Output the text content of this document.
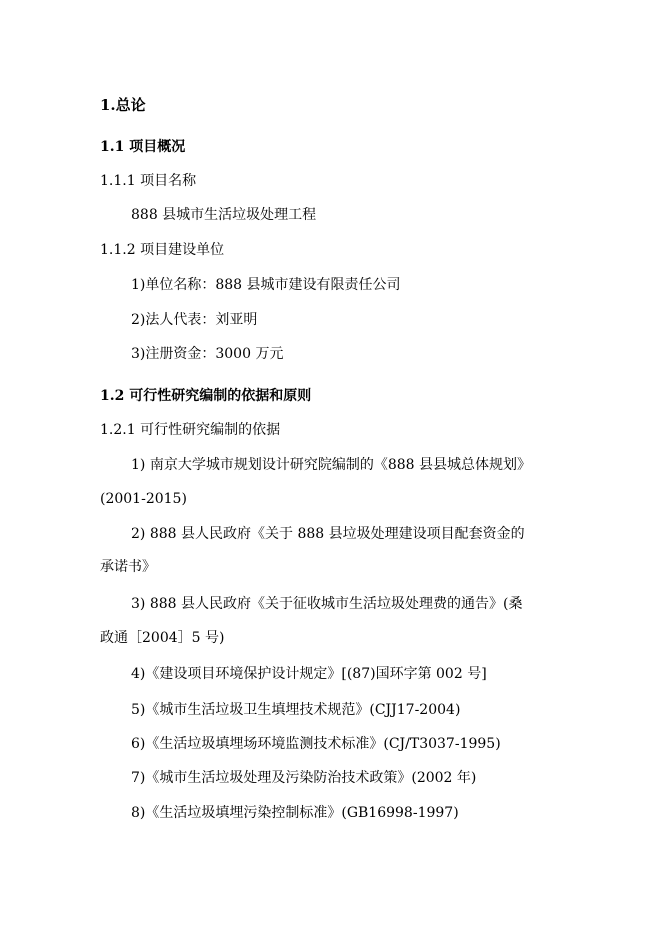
1.总论
1.1 项目概况
1.1.1 项目名称
888 县城市生活垃圾处理工程
1.1.2 项目建设单位
1)单位名称：888 县城市建设有限责任公司
2)法人代表：刘亚明
3)注册资金：3000 万元
1.2 可行性研究编制的依据和原则
1.2.1 可行性研究编制的依据
1) 南京大学城市规划设计研究院编制的《888 县县城总体规划》
(2001-2015)
2) 888 县人民政府《关于 888 县垃圾处理建设项目配套资金的
承诺书》
3) 888 县人民政府《关于征收城市生活垃圾处理费的通告》(桑
政通［2004］5 号)
4)《建设项目环境保护设计规定》[(87)国环字第 002 号]
5)《城市生活垃圾卫生填埋技术规范》(CJJ17-2004)
6)《生活垃圾填埋场环境监测技术标准》(CJ/T3037-1995)
7)《城市生活垃圾处理及污染防治技术政策》(2002 年)
8)《生活垃圾填埋污染控制标准》(GB16998-1997)
